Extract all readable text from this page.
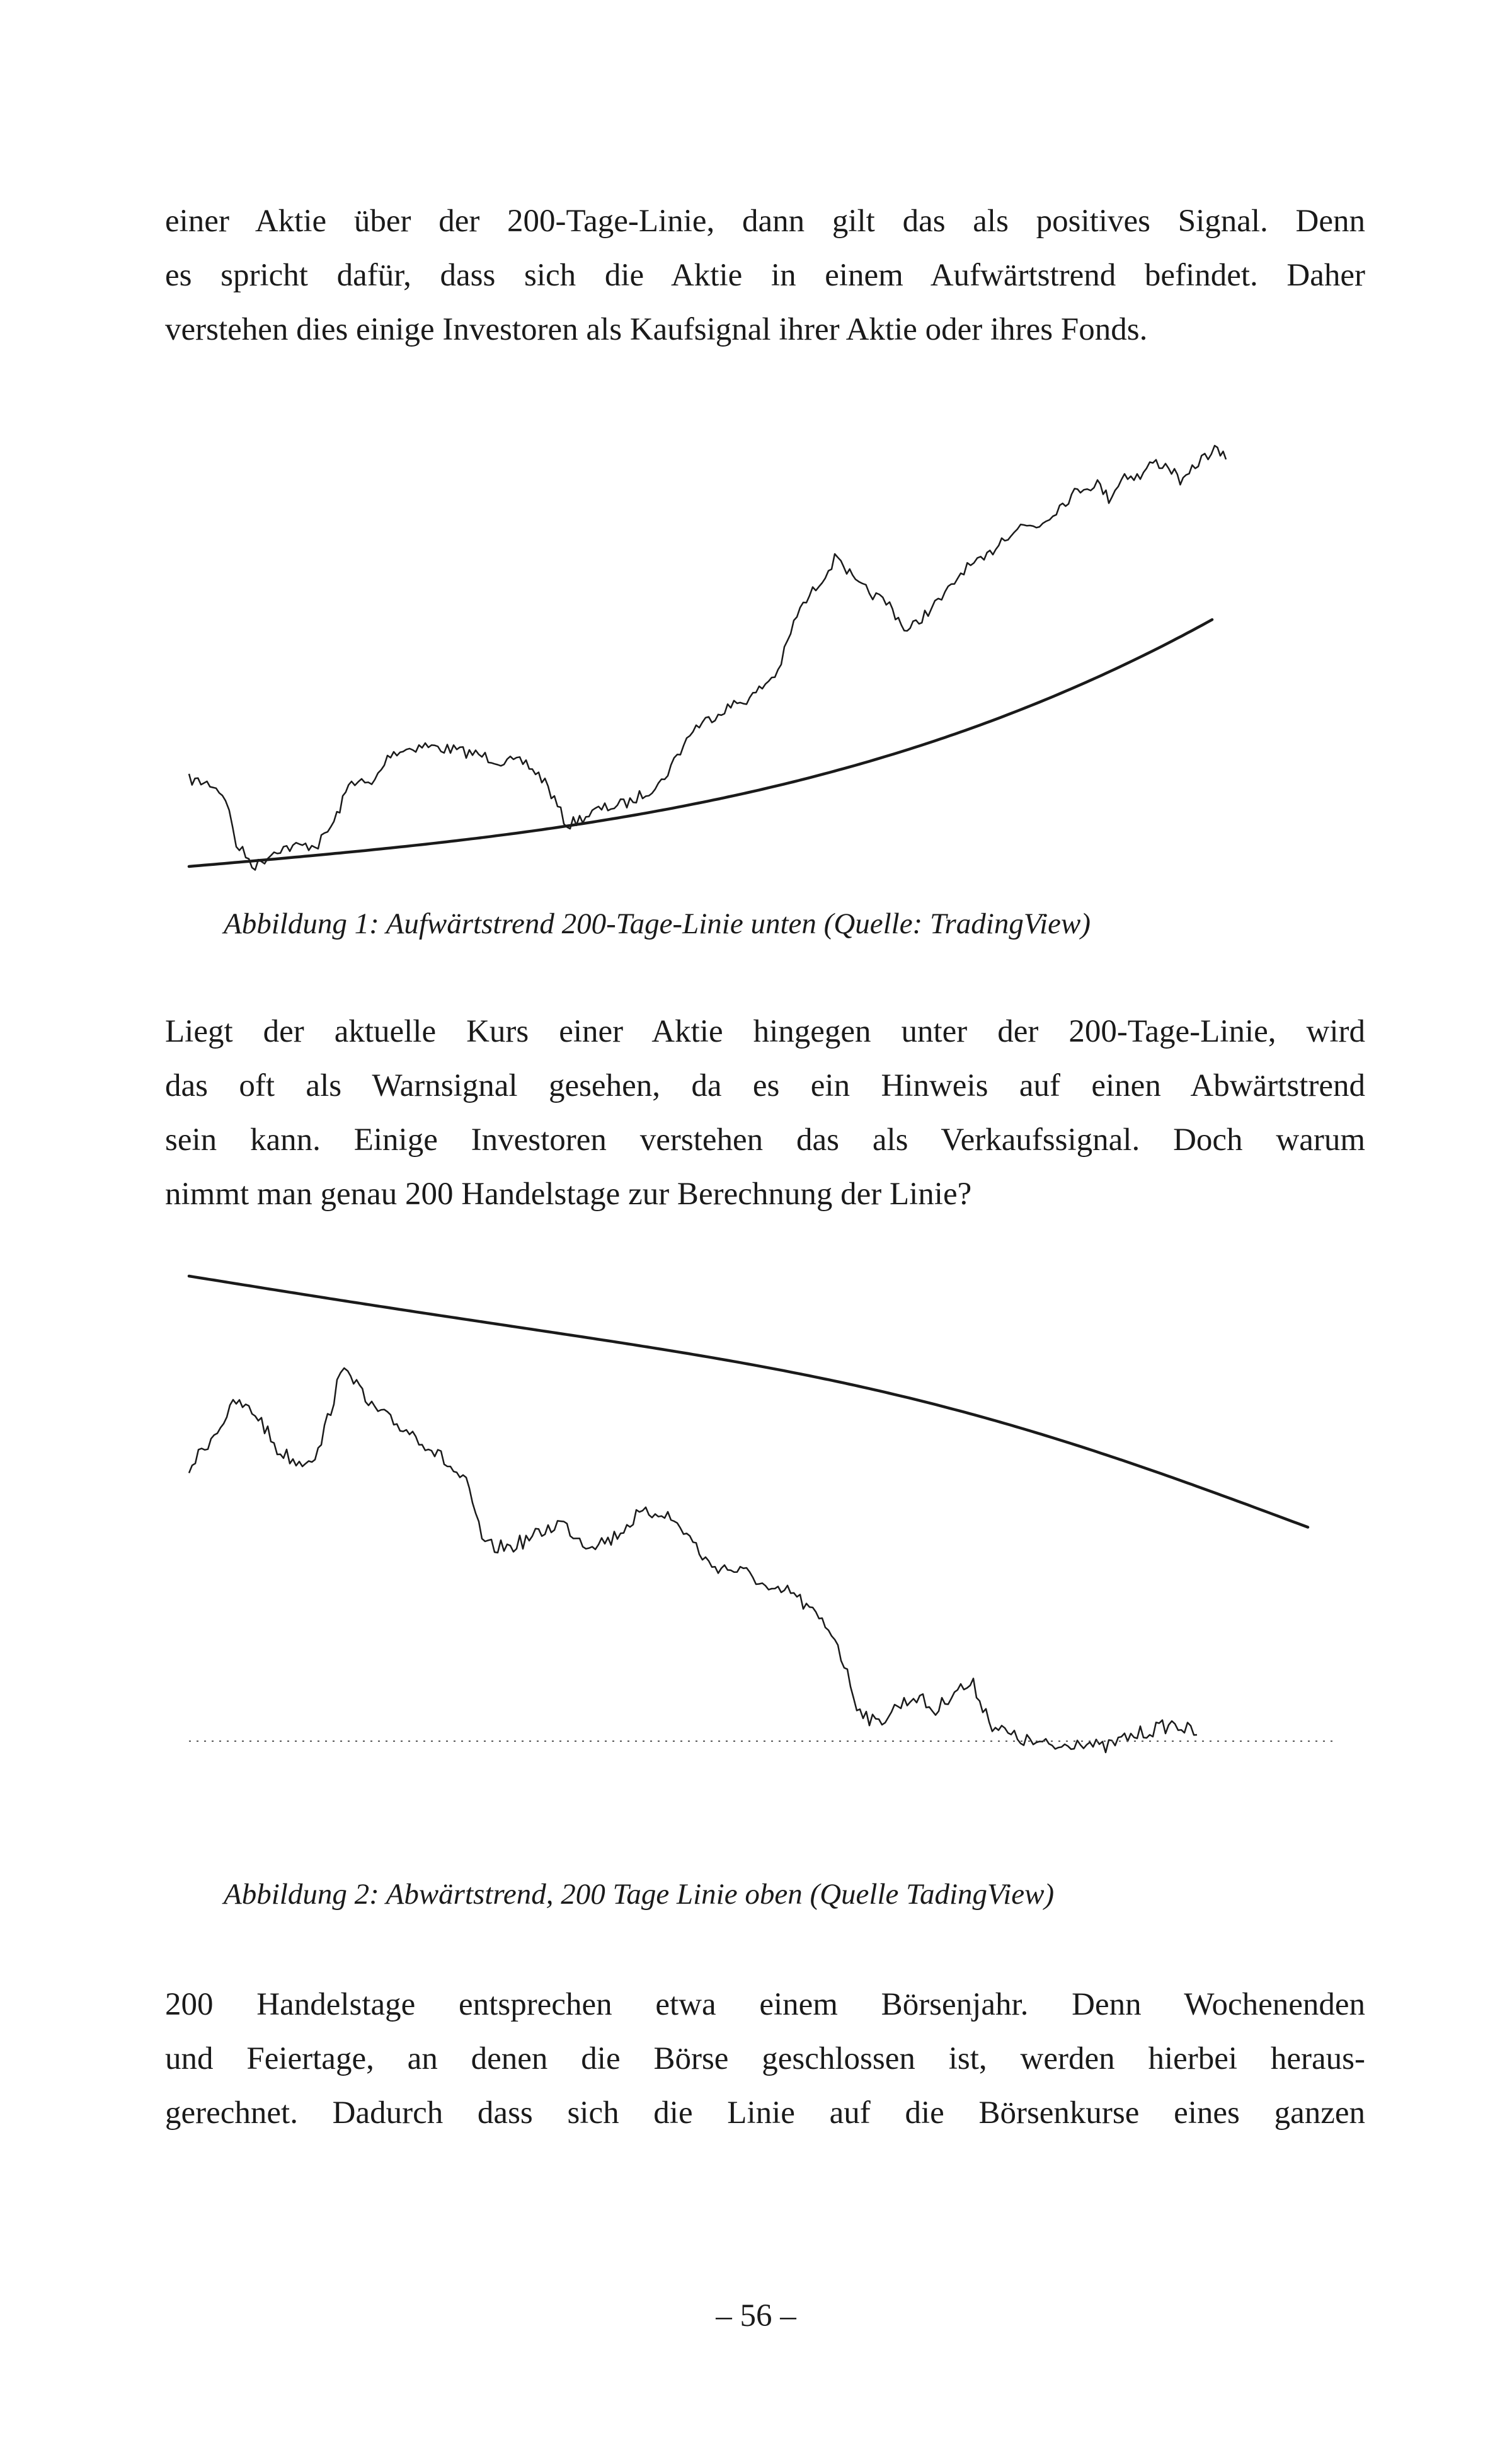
einer Aktie über der 200-Tage-Linie, dann gilt das als positives Signal. Denn
es spricht dafür, dass sich die Aktie in einem Aufwärtstrend befindet. Daher
verstehen dies einige Investoren als Kaufsignal ihrer Aktie oder ihres Fonds.
Abbildung 1: Aufwärtstrend 200-Tage-Linie unten (Quelle: TradingView)
Liegt der aktuelle Kurs einer Aktie hingegen unter der 200-Tage-Linie, wird
das oft als Warnsignal gesehen, da es ein Hinweis auf einen Abwärtstrend
sein kann. Einige Investoren verstehen das als Verkaufssignal. Doch warum
nimmt man genau 200 Handelstage zur Berechnung der Linie?
Abbildung 2: Abwärtstrend, 200 Tage Linie oben (Quelle TadingView)
200 Handelstage entsprechen etwa einem Börsenjahr. Denn Wochenenden
und Feiertage, an denen die Börse geschlossen ist, werden hierbei heraus-
gerechnet. Dadurch dass sich die Linie auf die Börsenkurse eines ganzen
– 56 –
